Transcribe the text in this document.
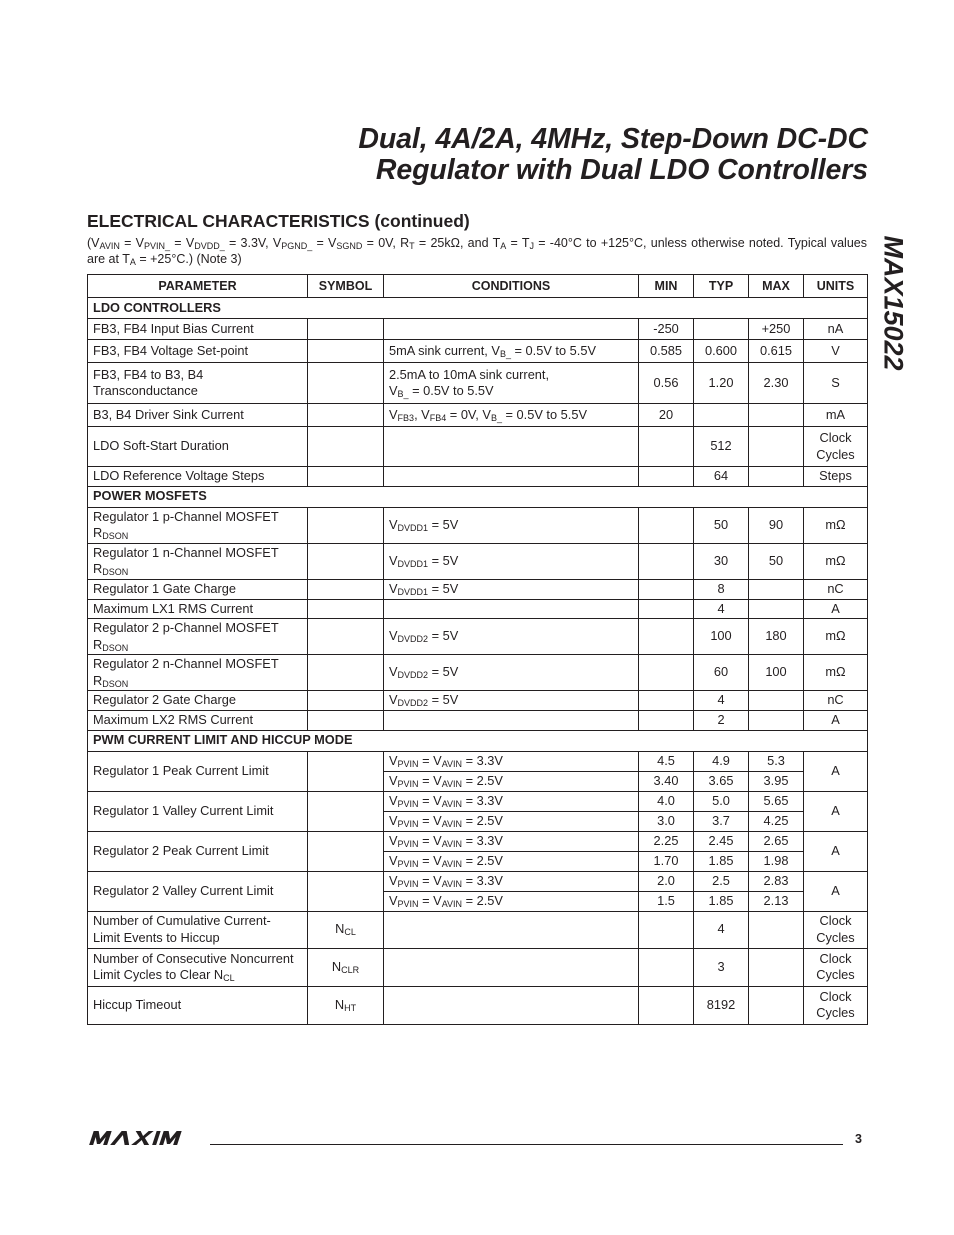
Dual, 4A/2A, 4MHz, Step-Down DC-DC
Regulator with Dual LDO Controllers
MAX15022
ELECTRICAL CHARACTERISTICS (continued)
($V_{AVIN} = V_{PVIN\_} = V_{DVDD\_} = 3.3V$, $V_{PGND\_} = V_{SGND} = 0V$, $R_T = 25k\Omega$, and $T_A = T_J = -40^\circ C$ to +125°C, unless otherwise noted. Typical values are at $T_A = +25^\circ C$.) (Note 3)
PARAMETER	SYMBOL	CONDITIONS	MIN	TYP	MAX	UNITS
LDO CONTROLLERS						
FB3, FB4 Input Bias Current			-250		+250	nA
FB3, FB4 Voltage Set-point		5mA sink current, $V_{B\_} = 0.5V$ to 5.5V	0.585	0.600	0.615	V
FB3, FB4 to B3, B4
Transconductance		2.5mA to 10mA sink current,
$V_{B\_} = 0.5V$ to 5.5V	0.56	1.20	2.30	S
B3, B4 Driver Sink Current		$V_{FB3}$, $V_{FB4} = 0V$, $V_{B\_} = 0.5V$ to 5.5V	20			mA
LDO Soft-Start Duration				512		Clock
Cycles
LDO Reference Voltage Steps				64		Steps
POWER MOSFETS						
Regulator 1 p-Channel MOSFET
$R_{DSON}$		$V_{DVDD1} = 5V$		50	90	mΩ
Regulator 1 n-Channel MOSFET
$R_{DSON}$		$V_{DVDD1} = 5V$		30	50	mΩ
Regulator 1 Gate Charge		$V_{DVDD1} = 5V$		8		nC
Maximum LX1 RMS Current				4		A
Regulator 2 p-Channel MOSFET
$R_{DSON}$		$V_{DVDD2} = 5V$		100	180	mΩ
Regulator 2 n-Channel MOSFET
$R_{DSON}$		$V_{DVDD2} = 5V$		60	100	mΩ
Regulator 2 Gate Charge		$V_{DVDD2} = 5V$		4		nC
Maximum LX2 RMS Current				2		A
PWM CURRENT LIMIT AND HICCUP MODE						
Regulator 1 Peak Current Limit		$V_{PVIN} = V_{AVIN} = 3.3V$	4.5	4.9	5.3	A
		$V_{PVIN} = V_{AVIN} = 2.5V$	3.40	3.65	3.95	
Regulator 1 Valley Current Limit		$V_{PVIN} = V_{AVIN} = 3.3V$	4.0	5.0	5.65	A
		$V_{PVIN} = V_{AVIN} = 2.5V$	3.0	3.7	4.25	
Regulator 2 Peak Current Limit		$V_{PVIN} = V_{AVIN} = 3.3V$	2.25	2.45	2.65	A
		$V_{PVIN} = V_{AVIN} = 2.5V$	1.70	1.85	1.98	
Regulator 2 Valley Current Limit		$V_{PVIN} = V_{AVIN} = 3.3V$	2.0	2.5	2.83	A
		$V_{PVIN} = V_{AVIN} = 2.5V$	1.5	1.85	2.13	
Number of Cumulative Current-
Limit Events to Hiccup	$N_{CL}$			4		Clock
Cycles
Number of Consecutive Noncurrent
Limit Cycles to Clear $N_{CL}$	$N_{CLR}$			3		Clock
Cycles
Hiccup Timeout	$N_{HT}$			8192		Clock
Cycles
3
